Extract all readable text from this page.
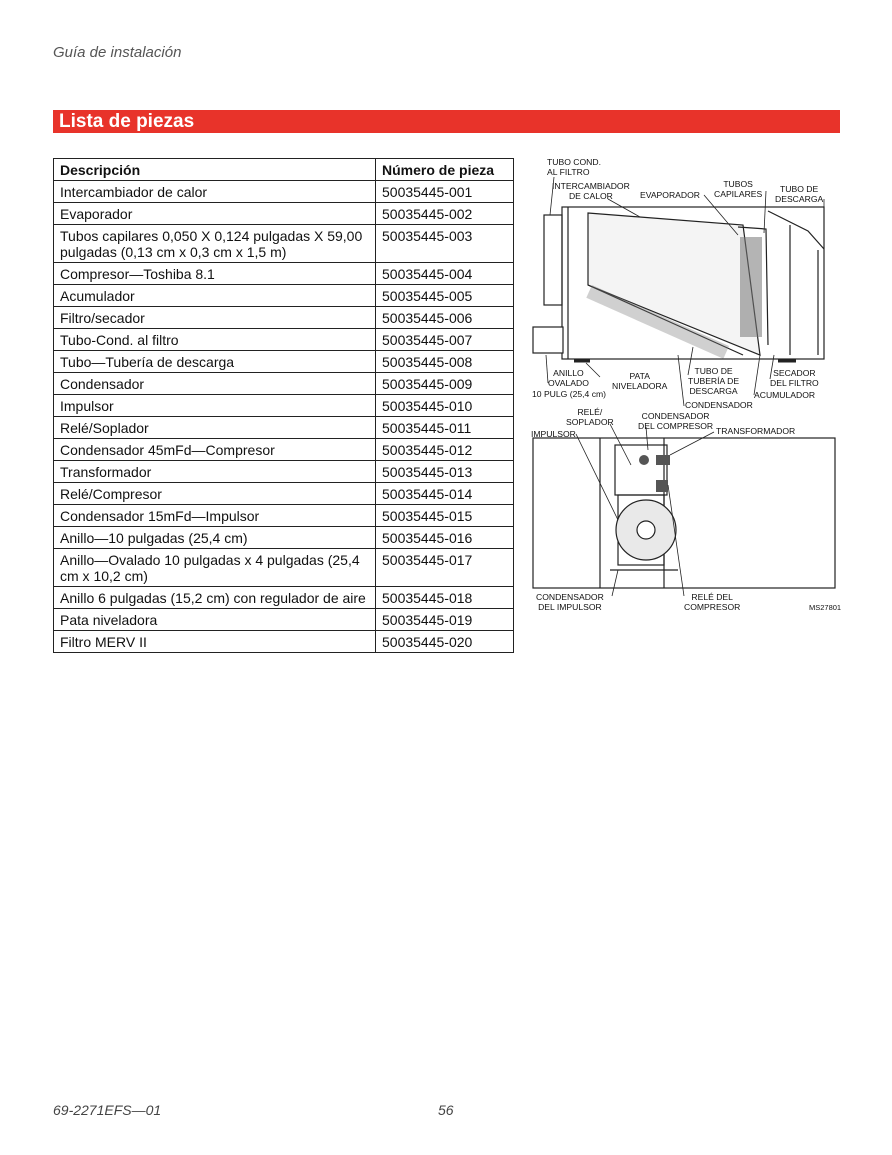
Guía de instalación
Lista de piezas
Descripción	Número de pieza
Intercambiador de calor	50035445-001
Evaporador	50035445-002
Tubos capilares 0,050 X 0,124 pulgadas X 59,00 pulgadas (0,13 cm x 0,3 cm x 1,5 m)	50035445-003
Compresor—Toshiba 8.1	50035445-004
Acumulador	50035445-005
Filtro/secador	50035445-006
Tubo-Cond. al filtro	50035445-007
Tubo—Tubería de descarga	50035445-008
Condensador	50035445-009
Impulsor	50035445-010
Relé/Soplador	50035445-011
Condensador 45mFd—Compresor	50035445-012
Transformador	50035445-013
Relé/Compresor	50035445-014
Condensador 15mFd—Impulsor	50035445-015
Anillo—10 pulgadas (25,4 cm)	50035445-016
Anillo—Ovalado 10 pulgadas x 4 pulgadas (25,4 cm x 10,2 cm)	50035445-017
Anillo 6 pulgadas (15,2 cm) con regulador de aire	50035445-018
Pata niveladora	50035445-019
Filtro MERV II	50035445-020
TUBO COND.
AL FILTRO
INTERCAMBIADOR
DE CALOR	EVAPORADOR
TUBOS
CAPILARES	TUBO DE
DESCARGA
ANILLO
OVALADO
10 PULG (25,4 cm)
PATA
NIVELADORA
TUBO DE
TUBERÍA DE
DESCARGA
SECADOR
DEL FILTRO
ACUMULADOR
CONDENSADOR
RELÉ/
SOPLADOR
CONDENSADOR
DEL COMPRESOR
IMPULSOR	TRANSFORMADOR
CONDENSADOR
DEL IMPULSOR
RELÉ DEL
COMPRESOR	MS27801
69-2271EFS—01	56
